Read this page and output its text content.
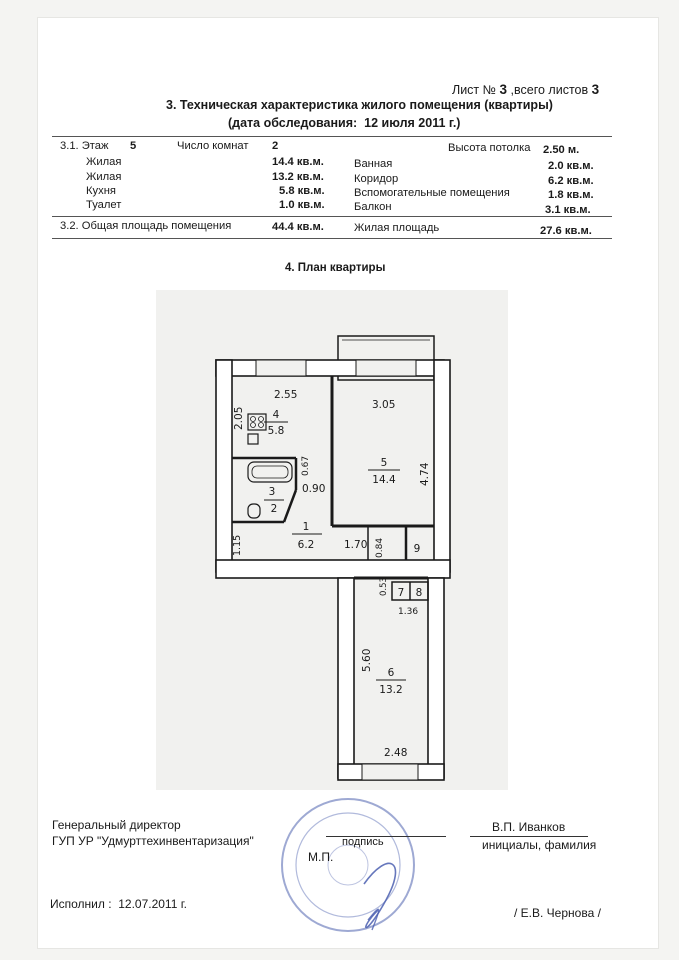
Лист № 3 ,всего листов 3
3. Техническая характеристика жилого помещения (квартиры)
(дата обследования: 12 июля 2011 г.)
3.1. Этаж 5	Число комнат 2	Высота потолка 2.50 м.
Жилая	14.4 кв.м.
Жилая	13.2 кв.м.
Кухня	5.8 кв.м.
Туалет	1.0 кв.м.
Ванная	2.0 кв.м.
Коридор	6.2 кв.м.
Вспомогательные помещения	1.8 кв.м.
Балкон	3.1 кв.м.
3.2. Общая площадь помещения	44.4 кв.м.	Жилая площадь	27.6 кв.м.
4. План квартиры
2.55
3.05
2.05
0.67	4.74
0.90
1.15	1.70 0.84
0.53
1.36
5.60
2.48
4
5.8
5
14.4
3
2
1
6.2	9
7 8
6
13.2
Генеральный директор
ГУП УР "Удмурттехинвентаризация"	подпись
М.П.
В.П. Иванков
инициалы, фамилия
Исполнил : 12.07.2011 г.
/ Е.В. Чернова /
